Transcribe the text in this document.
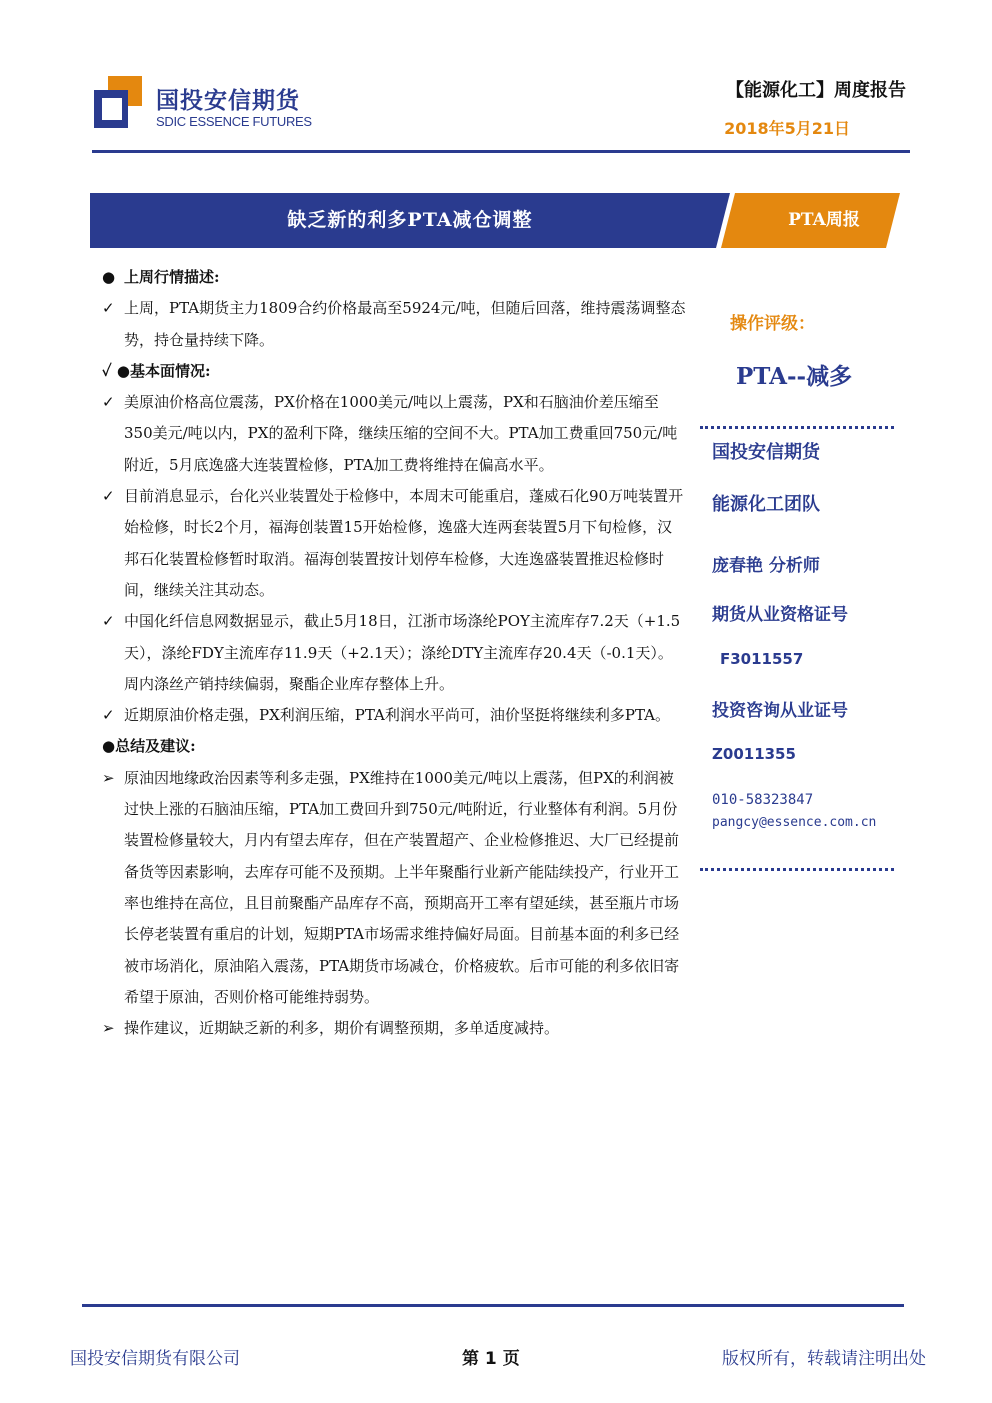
国投安信期货
SDIC ESSENCE FUTURES
【能源化工】周度报告
2018年5月21日
缺乏新的利多PTA减仓调整	PTA周报
● 上周行情描述:
✓ 上周，PTA期货主力1809合约价格最高至5924元/吨，但随后回落，维持震荡调整态势，持仓量持续下降。
✓ ●基本面情况:
✓ 美原油价格高位震荡，PX价格在1000美元/吨以上震荡，PX和石脑油价差压缩至350美元/吨以内，PX的盈利下降，继续压缩的空间不大。PTA加工费重回750元/吨附近，5月底逸盛大连装置检修，PTA加工费将维持在偏高水平。
✓ 目前消息显示，台化兴业装置处于检修中，本周末可能重启，蓬威石化90万吨装置开始检修，时长2个月，福海创装置15开始检修，逸盛大连两套装置5月下旬检修，汉邦石化装置检修暂时取消。福海创装置按计划停车检修，大连逸盛装置推迟检修时间，继续关注其动态。
✓ 中国化纤信息网数据显示，截止5月18日，江浙市场涤纶POY主流库存7.2天（+1.5天），涤纶FDY主流库存11.9天（+2.1天）；涤纶DTY主流库存20.4天（-0.1天）。周内涤丝产销持续偏弱，聚酯企业库存整体上升。
✓ 近期原油价格走强，PX利润压缩，PTA利润水平尚可，油价坚挺将继续利多PTA。
●总结及建议:
➢ 原油因地缘政治因素等利多走强，PX维持在1000美元/吨以上震荡，但PX的利润被过快上涨的石脑油压缩，PTA加工费回升到750元/吨附近，行业整体有利润。5月份装置检修量较大，月内有望去库存，但在产装置超产、企业检修推迟、大厂已经提前备货等因素影响，去库存可能不及预期。上半年聚酯行业新产能陆续投产，行业开工率也维持在高位，且目前聚酯产品库存不高，预期高开工率有望延续，甚至瓶片市场长停老装置有重启的计划，短期PTA市场需求维持偏好局面。目前基本面的利多已经被市场消化，原油陷入震荡，PTA期货市场减仓，价格疲软。后市可能的利多依旧寄希望于原油，否则价格可能维持弱势。
➢ 操作建议，近期缺乏新的利多，期价有调整预期，多单适度减持。
操作评级：
PTA--减多
国投安信期货
能源化工团队
庞春艳 分析师
期货从业资格证号
F3011557
投资咨询从业证号
Z0011355
010-58323847
pangcy@essence.com.cn
国投安信期货有限公司	第 1 页	版权所有，转载请注明出处
